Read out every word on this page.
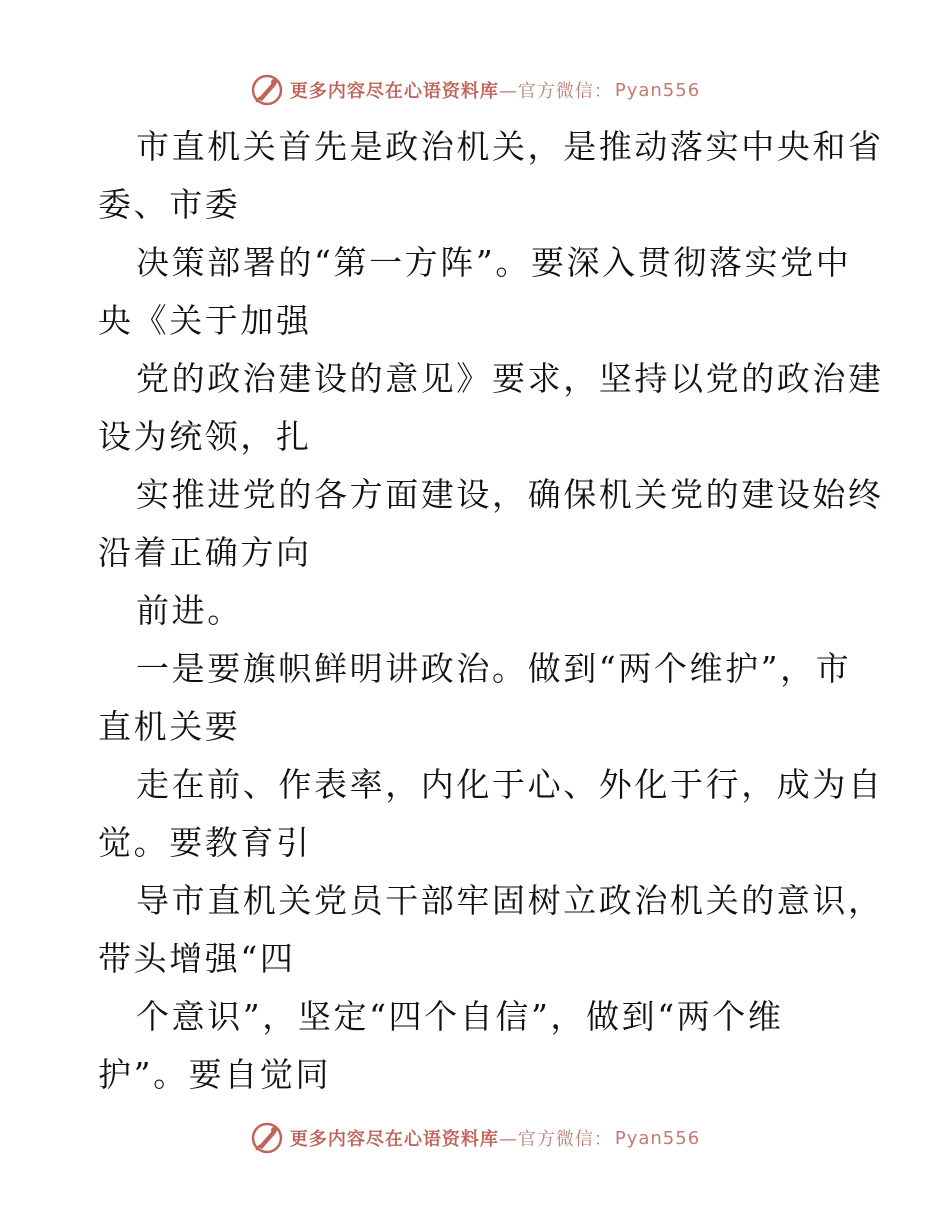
更多内容尽在心语资料库 —官方微信： Pyan556
市直机关首先是政治机关，是推动落实中央和省
委、市委
决策部署的“第一方阵”。要深入贯彻落实党中
央《关于加强
党的政治建设的意见》要求，坚持以党的政治建
设为统领，扎
实推进党的各方面建设，确保机关党的建设始终
沿着正确方向
前进。
一是要旗帜鲜明讲政治。做到“两个维护”，市
直机关要
走在前、作表率，内化于心、外化于行，成为自
觉。要教育引
导市直机关党员干部牢固树立政治机关的意识，
带头增强“四
个意识”，坚定“四个自信”，做到“两个维
护”。要自觉同
更多内容尽在心语资料库 —官方微信： Pyan556
